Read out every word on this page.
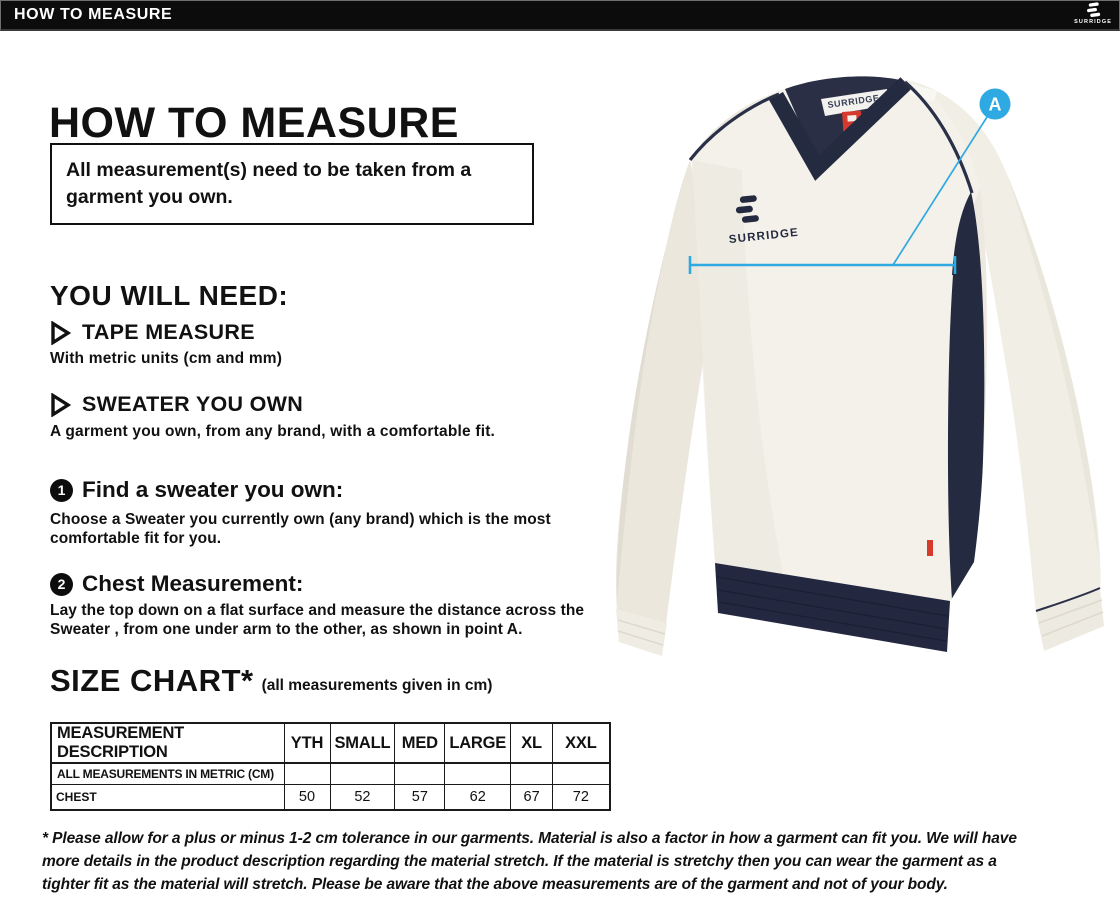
HOW TO MEASURE	SURRIDGE
HOW TO MEASURE
All measurement(s) need to be taken from a garment you own.
YOU WILL NEED:
TAPE MEASURE
With metric units (cm and mm)
SWEATER YOU OWN
A garment you own, from any brand, with a comfortable fit.
1 Find a sweater you own:
Choose a Sweater you currently own (any brand) which is the most comfortable fit for you.
2 Chest Measurement:
Lay the top down on a flat surface and measure the distance across the Sweater , from one under arm to the other, as shown in point A.
SIZE CHART* (all measurements given in cm)
MEASUREMENT DESCRIPTION	YTH	SMALL	MED	LARGE	XL	XXL
ALL MEASUREMENTS IN METRIC (CM)						
CHEST	50	52	57	62	67	72

* Please allow for a plus or minus 1-2 cm tolerance in our garments. Material is also a factor in how a garment can fit you. We will have more details in the product description regarding the material stretch. If the material is stretchy then you can wear the garment as a tighter fit as the material will stretch. Please be aware that the above measurements are of the garment and not of your body.

SURRIDGE
SURRIDGE
A
